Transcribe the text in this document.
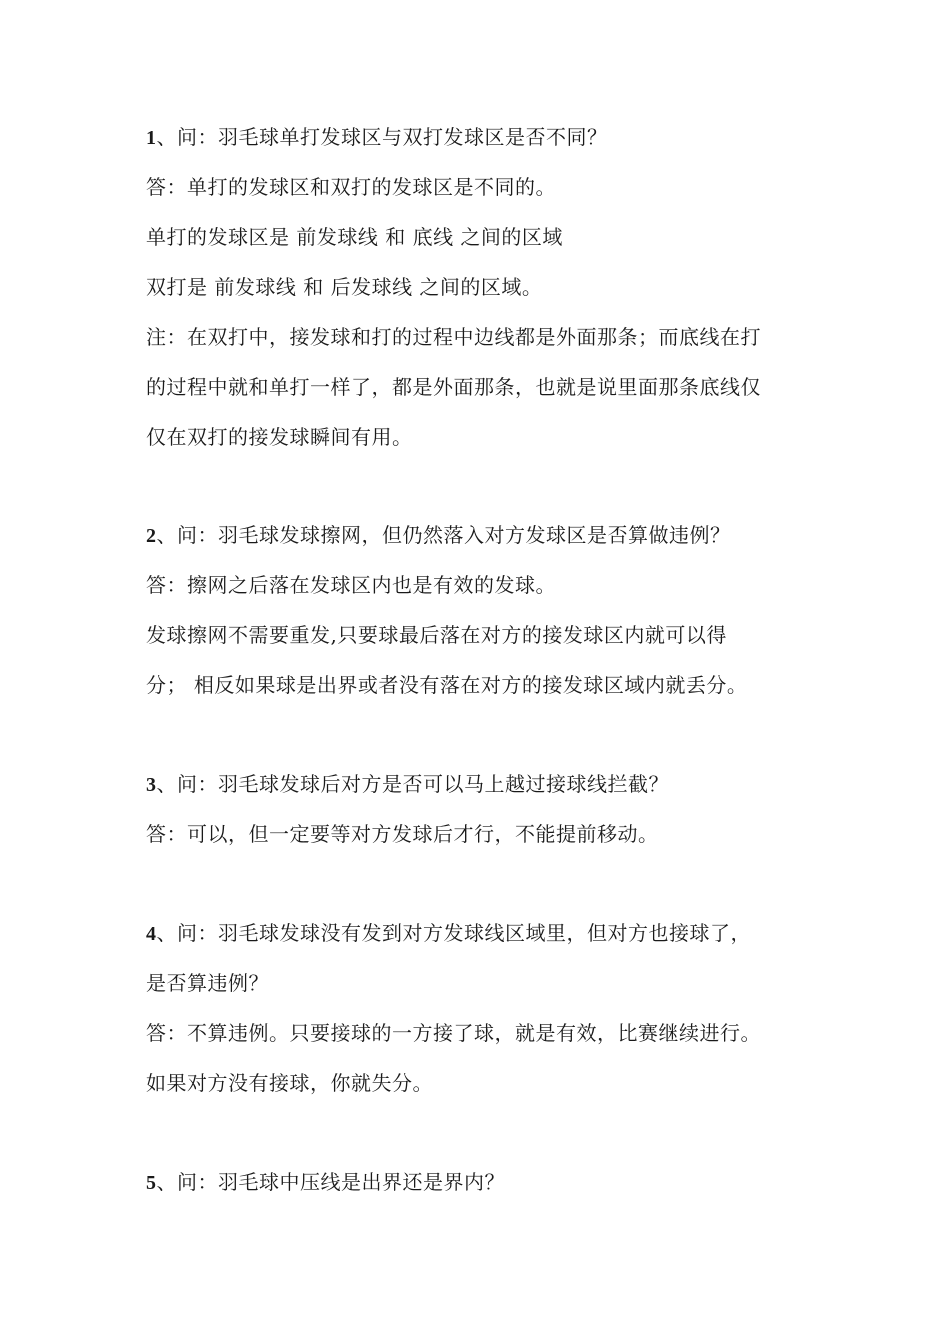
1、问：羽毛球单打发球区与双打发球区是否不同？
答：单打的发球区和双打的发球区是不同的。
单打的发球区是 前发球线 和 底线 之间的区域
双打是 前发球线 和 后发球线 之间的区域。
注：在双打中，接发球和打的过程中边线都是外面那条；而底线在打
的过程中就和单打一样了，都是外面那条，也就是说里面那条底线仅
仅在双打的接发球瞬间有用。
2、问：羽毛球发球擦网，但仍然落入对方发球区是否算做违例？
答：擦网之后落在发球区内也是有效的发球。
发球擦网不需要重发,只要球最后落在对方的接发球区内就可以得
分； 相反如果球是出界或者没有落在对方的接发球区域内就丢分。
3、问：羽毛球发球后对方是否可以马上越过接球线拦截？
答：可以，但一定要等对方发球后才行，不能提前移动。
4、问：羽毛球发球没有发到对方发球线区域里，但对方也接球了，
是否算违例？
答：不算违例。只要接球的一方接了球，就是有效，比赛继续进行。
如果对方没有接球，你就失分。
5、问：羽毛球中压线是出界还是界内？
